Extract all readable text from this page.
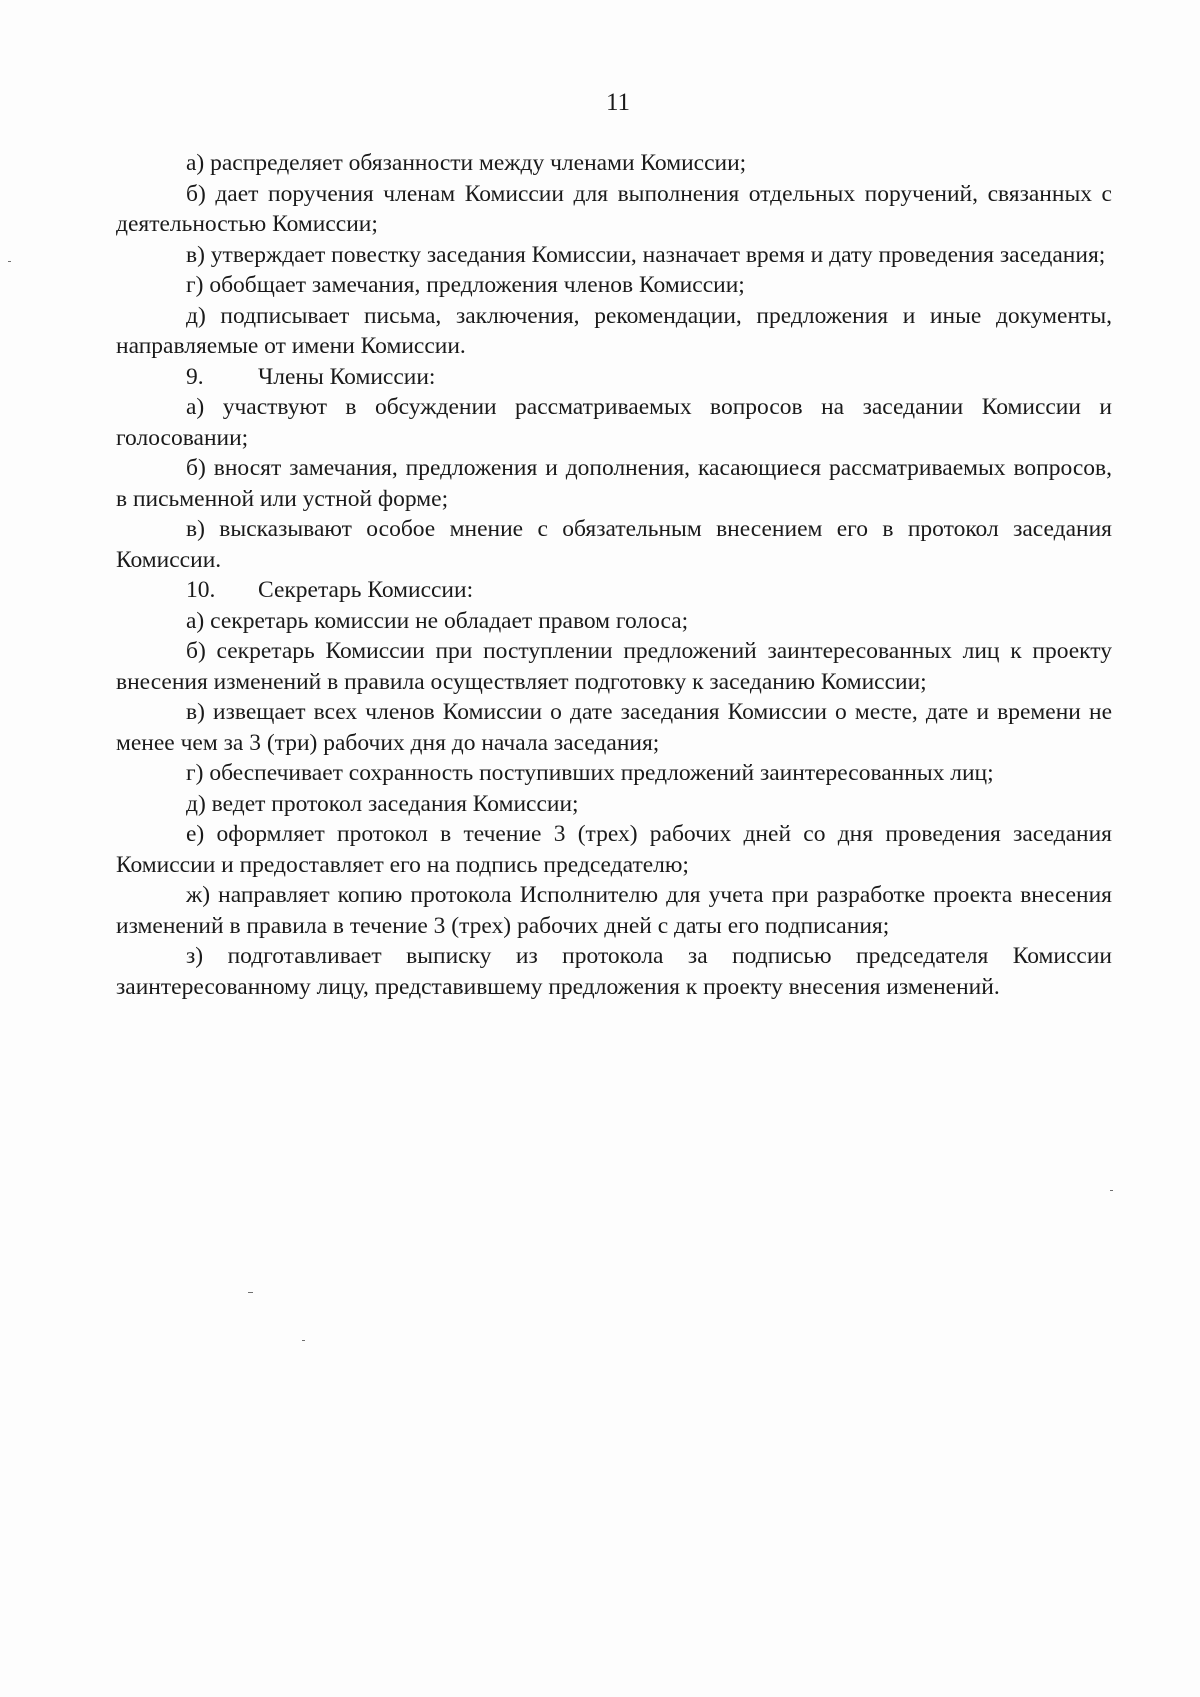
11

а) распределяет обязанности между членами Комиссии;

б) дает поручения членам Комиссии для выполнения отдельных поручений, связанных с деятельностью Комиссии;

в) утверждает повестку заседания Комиссии, назначает время и дату проведения заседания;

г) обобщает замечания, предложения членов Комиссии;

д) подписывает письма, заключения, рекомендации, предложения и иные документы, направляемые от имени Комиссии.

9. Члены Комиссии:

а) участвуют в обсуждении рассматриваемых вопросов на заседании Комиссии и голосовании;

б) вносят замечания, предложения и дополнения, касающиеся рассматриваемых вопросов, в письменной или устной форме;

в) высказывают особое мнение с обязательным внесением его в протокол заседания Комиссии.

10. Секретарь Комиссии:

а) секретарь комиссии не обладает правом голоса;

б) секретарь Комиссии при поступлении предложений заинтересованных лиц к проекту внесения изменений в правила осуществляет подготовку к заседанию Комиссии;

в) извещает всех членов Комиссии о дате заседания Комиссии о месте, дате и времени не менее чем за 3 (три) рабочих дня до начала заседания;

г) обеспечивает сохранность поступивших предложений заинтересованных лиц;

д) ведет протокол заседания Комиссии;

е) оформляет протокол в течение 3 (трех) рабочих дней со дня проведения заседания Комиссии и предоставляет его на подпись председателю;

ж) направляет копию протокола Исполнителю для учета при разработке проекта внесения изменений в правила в течение 3 (трех) рабочих дней с даты его подписания;

з) подготавливает выписку из протокола за подписью председателя Комиссии заинтересованному лицу, представившему предложения к проекту внесения изменений.
